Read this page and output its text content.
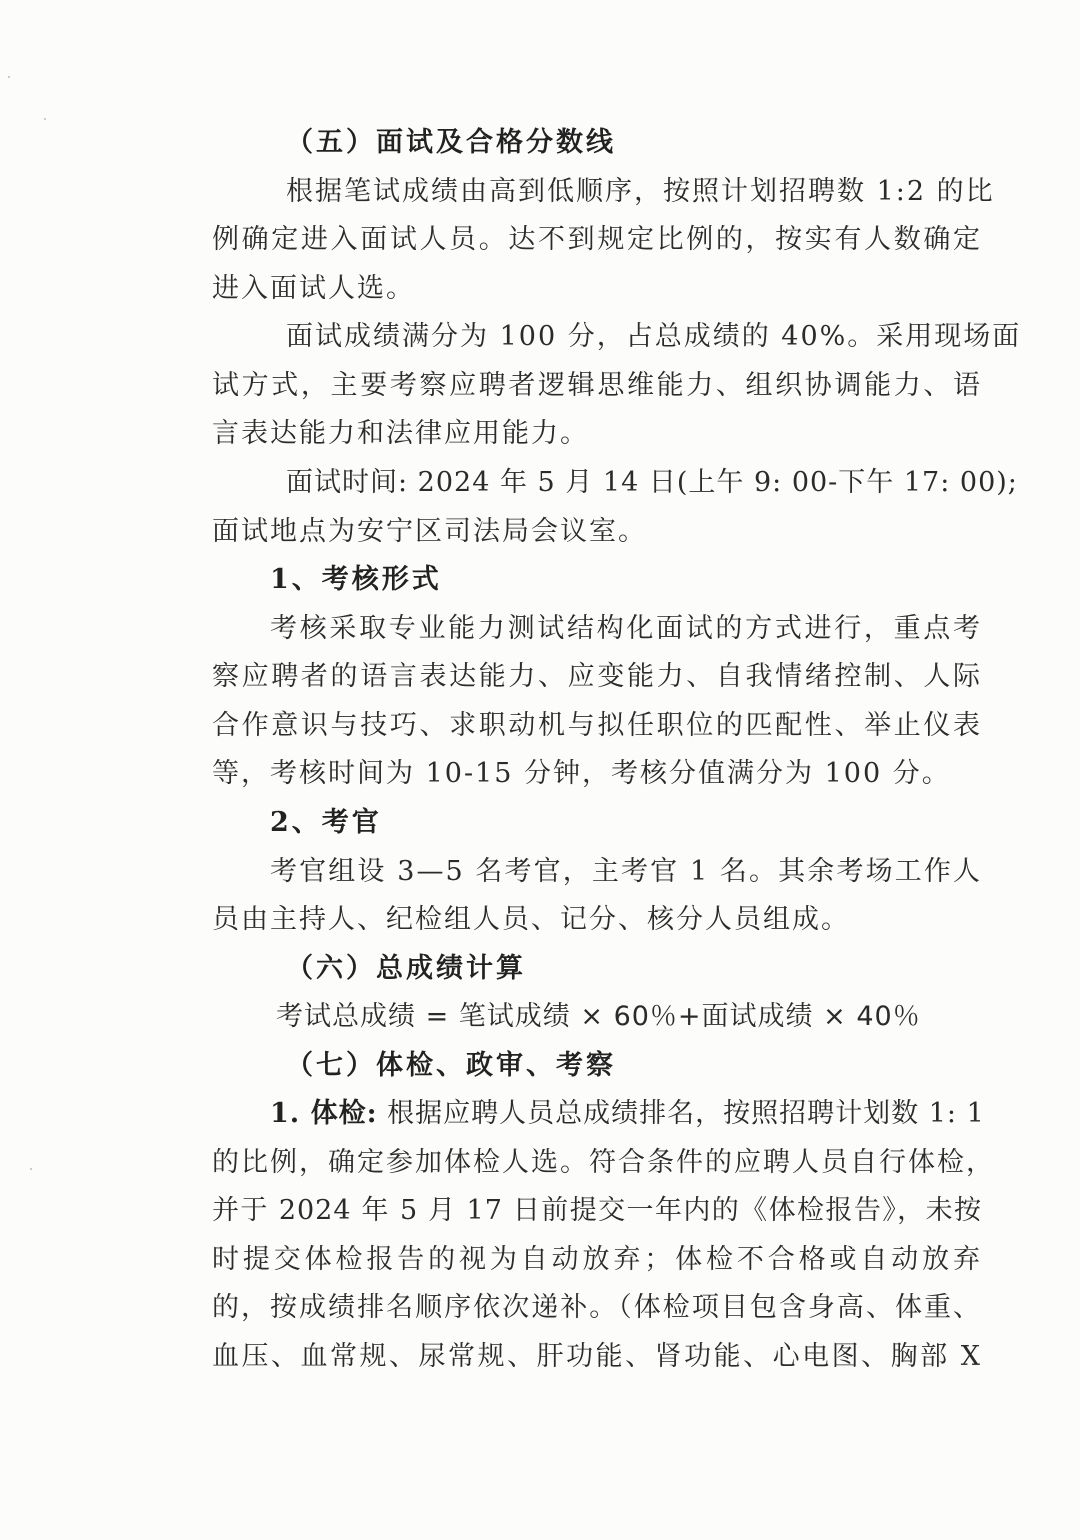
（五）面试及合格分数线
根据笔试成绩由高到低顺序，按照计划招聘数 1:2 的比
例确定进入面试人员。达不到规定比例的，按实有人数确定
进入面试人选。
面试成绩满分为 100 分，占总成绩的 40%。采用现场面
试方式，主要考察应聘者逻辑思维能力、组织协调能力、语
言表达能力和法律应用能力。
面试时间: 2024 年 5 月 14 日(上午 9: 00-下午 17: 00);
面试地点为安宁区司法局会议室。
1、考核形式
考核采取专业能力测试结构化面试的方式进行，重点考
察应聘者的语言表达能力、应变能力、自我情绪控制、人际
合作意识与技巧、求职动机与拟任职位的匹配性、举止仪表
等，考核时间为 10-15 分钟，考核分值满分为 100 分。
2、考官
考官组设 3—5 名考官，主考官 1 名。其余考场工作人
员由主持人、纪检组人员、记分、核分人员组成。
（六）总成绩计算
考试总成绩 = 笔试成绩 × 60％+面试成绩 × 40％
（七）体检、政审、考察
1. 体检: 根据应聘人员总成绩排名，按照招聘计划数 1: 1
的比例，确定参加体检人选。符合条件的应聘人员自行体检，
并于 2024 年 5 月 17 日前提交一年内的《体检报告》，未按
时提交体检报告的视为自动放弃；体检不合格或自动放弃
的，按成绩排名顺序依次递补。（体检项目包含身高、体重、
血压、血常规、尿常规、肝功能、肾功能、心电图、胸部 X
